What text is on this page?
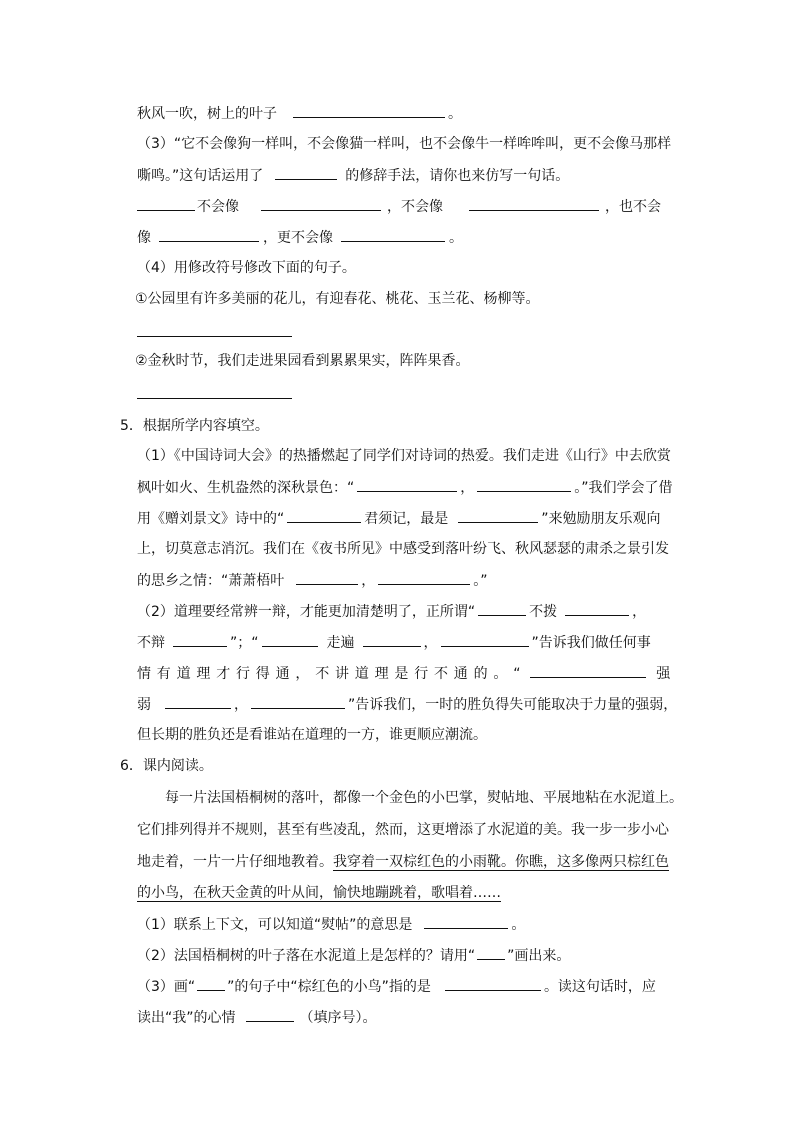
秋风一吹，树上的叶子	。
（3）“它不会像狗一样叫，不会像猫一样叫，也不会像牛一样哞哞叫，更不会像马那样
嘶鸣。”这句话运用了	的修辞手法，请你也来仿写一句话。
不会像	，不会像	，也不会
像	，更不会像	。
（4）用修改符号修改下面的句子。
①公园里有许多美丽的花儿，有迎春花、桃花、玉兰花、杨柳等。
②金秋时节，我们走进果园看到累累果实，阵阵果香。
5．根据所学内容填空。
（1）《中国诗词大会》的热播燃起了同学们对诗词的热爱。我们走进《山行》中去欣赏
枫叶如火、生机盎然的深秋景色：“	，	。”我们学会了借
用《赠刘景文》诗中的“	君须记，最是	”来勉励朋友乐观向
上，切莫意志消沉。我们在《夜书所见》中感受到落叶纷飞、秋风瑟瑟的肃杀之景引发
的思乡之情：“萧萧梧叶	，	。”
（2）道理要经常辨一辩，才能更加清楚明了，正所谓“	不拨	，
不辩	”；“	走遍	，	”告诉我们做任何事
情有道理才行得通，不讲道理是行不通的。“	强
弱	，	”告诉我们，一时的胜负得失可能取决于力量的强弱，
但长期的胜负还是看谁站在道理的一方，谁更顺应潮流。
6．课内阅读。
每一片法国梧桐树的落叶，都像一个金色的小巴掌，熨帖地、平展地粘在水泥道上。
它们排列得并不规则，甚至有些凌乱，然而，这更增添了水泥道的美。我一步一步小心
地走着，一片一片仔细地教着。我穿着一双棕红色的小雨靴。你瞧，这多像两只棕红色
的小鸟，在秋天金黄的叶从间，愉快地蹦跳着，歌唱着……
（1）联系上下文，可以知道“熨帖”的意思是	。
（2）法国梧桐树的叶子落在水泥道上是怎样的？请用“ ”画出来。
（3）画“ ”的句子中“棕红色的小鸟”指的是	。读这句话时，应
读出“我”的心情	（填序号）。
